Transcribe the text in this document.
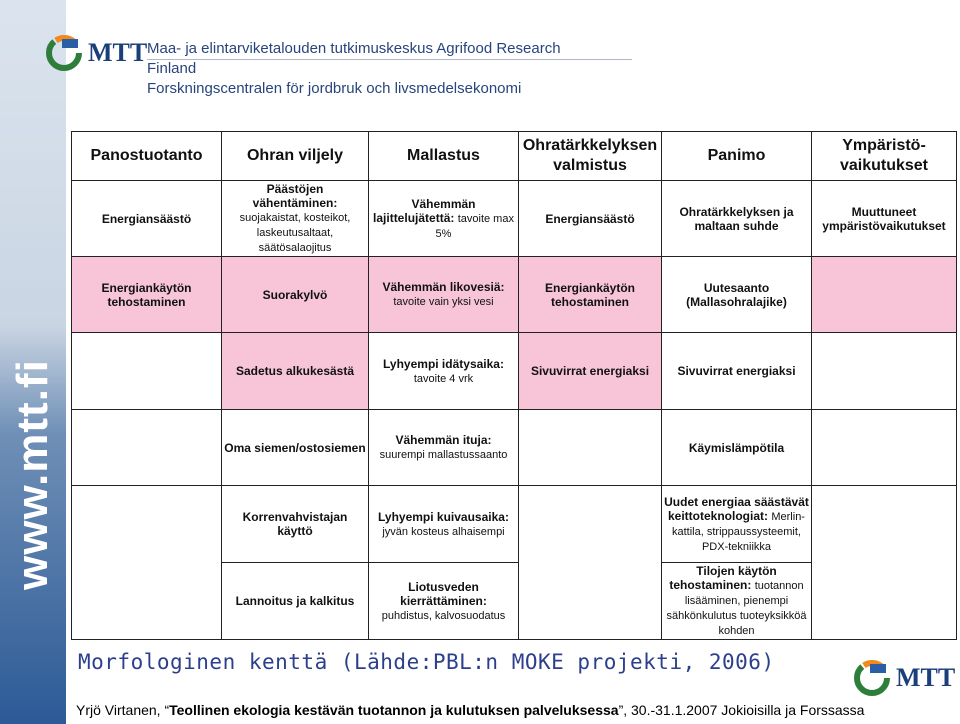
www.mtt.fi
MTT Maa- ja elintarviketalouden tutkimuskeskus Agrifood Research
Finland
Forskningscentralen för jordbruk och livsmedelsekonomi
Panostuotanto	Ohran viljely	Mallastus	Ohratärkkelyksen valmistus	Panimo	Ympäristö-vaikutukset
Energiansäästö	Päästöjen vähentäminen:
suojakaistat, kosteikot, laskeutusaltaat, säätösalaojitus	Vähemmän lajittelujätettä: tavoite max 5%	Energiansäästö	Ohratärkkelyksen ja maltaan suhde	Muuttuneet ympäristövaikutukset
Energiankäytön tehostaminen	Suorakylvö	Vähemmän likovesiä:
tavoite vain yksi vesi	Energiankäytön tehostaminen	Uutesaanto (Mallasohralajike)	
	Sadetus alkukesästä	Lyhyempi idätysaika:
tavoite 4 vrk	Sivuvirrat energiaksi	Sivuvirrat energiaksi	
	Oma siemen/ostosiemen	Vähemmän ituja:
suurempi mallastussaanto		Käymislämpötila	
	Korrenvahvistajan käyttö	Lyhyempi kuivausaika:
jyvän kosteus alhaisempi		Uudet energiaa säästävät keittoteknologiat: Merlin-kattila, strippaussysteemit, PDX-tekniikka	
	Lannoitus ja kalkitus	Liotusveden kierrättäminen:
puhdistus, kalvosuodatus		Tilojen käytön tehostaminen: tuotannon lisääminen, pienempi sähkönkulutus tuoteyksikköä kohden	
Morfologinen kenttä (Lähde:PBL:n MOKE projekti, 2006)
MTT
Yrjö Virtanen, “Teollinen ekologia kestävän tuotannon ja kulutuksen palveluksessa”, 30.-31.1.2007 Jokioisilla ja Forssassa
